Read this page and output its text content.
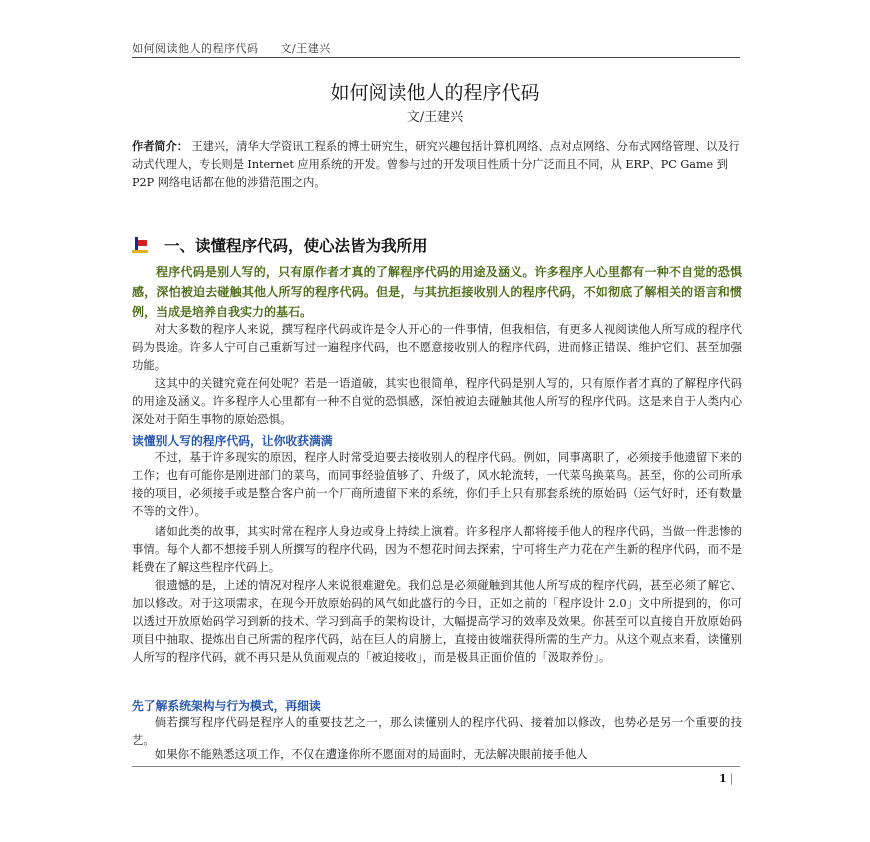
如何阅读他人的程序代码 文/王建兴
如何阅读他人的程序代码
文/王建兴
作者简介： 王建兴，清华大学资讯工程系的博士研究生，研究兴趣包括计算机网络、点对点网络、分布式网络管理、以及行动式代理人，专长则是 Internet 应用系统的开发。曾参与过的开发项目性质十分广泛而且不同，从 ERP、PC Game 到 P2P 网络电话都在他的涉猎范围之内。
一、读懂程序代码，使心法皆为我所用
程序代码是别人写的，只有原作者才真的了解程序代码的用途及涵义。许多程序人心里都有一种不自觉的恐惧感，深怕被迫去碰触其他人所写的程序代码。但是，与其抗拒接收别人的程序代码，不如彻底了解相关的语言和惯例，当成是培养自我实力的基石。

对大多数的程序人来说，撰写程序代码或许是令人开心的一件事情，但我相信，有更多人视阅读他人所写成的程序代码为畏途。许多人宁可自己重新写过一遍程序代码，也不愿意接收别人的程序代码，进而修正错误、维护它们、甚至加强功能。

这其中的关键究竟在何处呢？若是一语道破，其实也很简单，程序代码是别人写的，只有原作者才真的了解程序代码的用途及涵义。许多程序人心里都有一种不自觉的恐惧感，深怕被迫去碰触其他人所写的程序代码。这是来自于人类内心深处对于陌生事物的原始恐惧。

读懂别人写的程序代码，让你收获满满

不过，基于许多现实的原因，程序人时常受迫要去接收别人的程序代码。例如，同事离职了，必须接手他遗留下来的工作；也有可能你是刚进部门的菜鸟，而同事经验值够了、升级了，风水轮流转，一代菜鸟换菜鸟。甚至，你的公司所承接的项目，必须接手或是整合客户前一个厂商所遗留下来的系统，你们手上只有那套系统的原始码（运气好时，还有数量不等的文件）。

诸如此类的故事，其实时常在程序人身边或身上持续上演着。许多程序人都将接手他人的程序代码，当做一件悲惨的事情。每个人都不想接手别人所撰写的程序代码，因为不想花时间去探索，宁可将生产力花在产生新的程序代码，而不是耗费在了解这些程序代码上。

很遗憾的是，上述的情况对程序人来说很难避免。我们总是必须碰触到其他人所写成的程序代码，甚至必须了解它、加以修改。对于这项需求，在现今开放原始码的风气如此盛行的今日，正如之前的「程序设计 2.0」文中所提到的，你可以透过开放原始码学习到新的技术、学习到高手的架构设计，大幅提高学习的效率及效果。你甚至可以直接自开放原始码项目中抽取、提炼出自己所需的程序代码，站在巨人的肩膀上，直接由彼端获得所需的生产力。从这个观点来看，读懂别人所写的程序代码，就不再只是从负面观点的「被迫接收」，而是极具正面价值的「汲取养份」。

先了解系统架构与行为模式，再细读

倘若撰写程序代码是程序人的重要技艺之一，那么读懂别人的程序代码、接着加以修改，也势必是另一个重要的技艺。

如果你不能熟悉这项工作，不仅在遭逢你所不愿面对的局面时，无法解决眼前接手他人

1 |
